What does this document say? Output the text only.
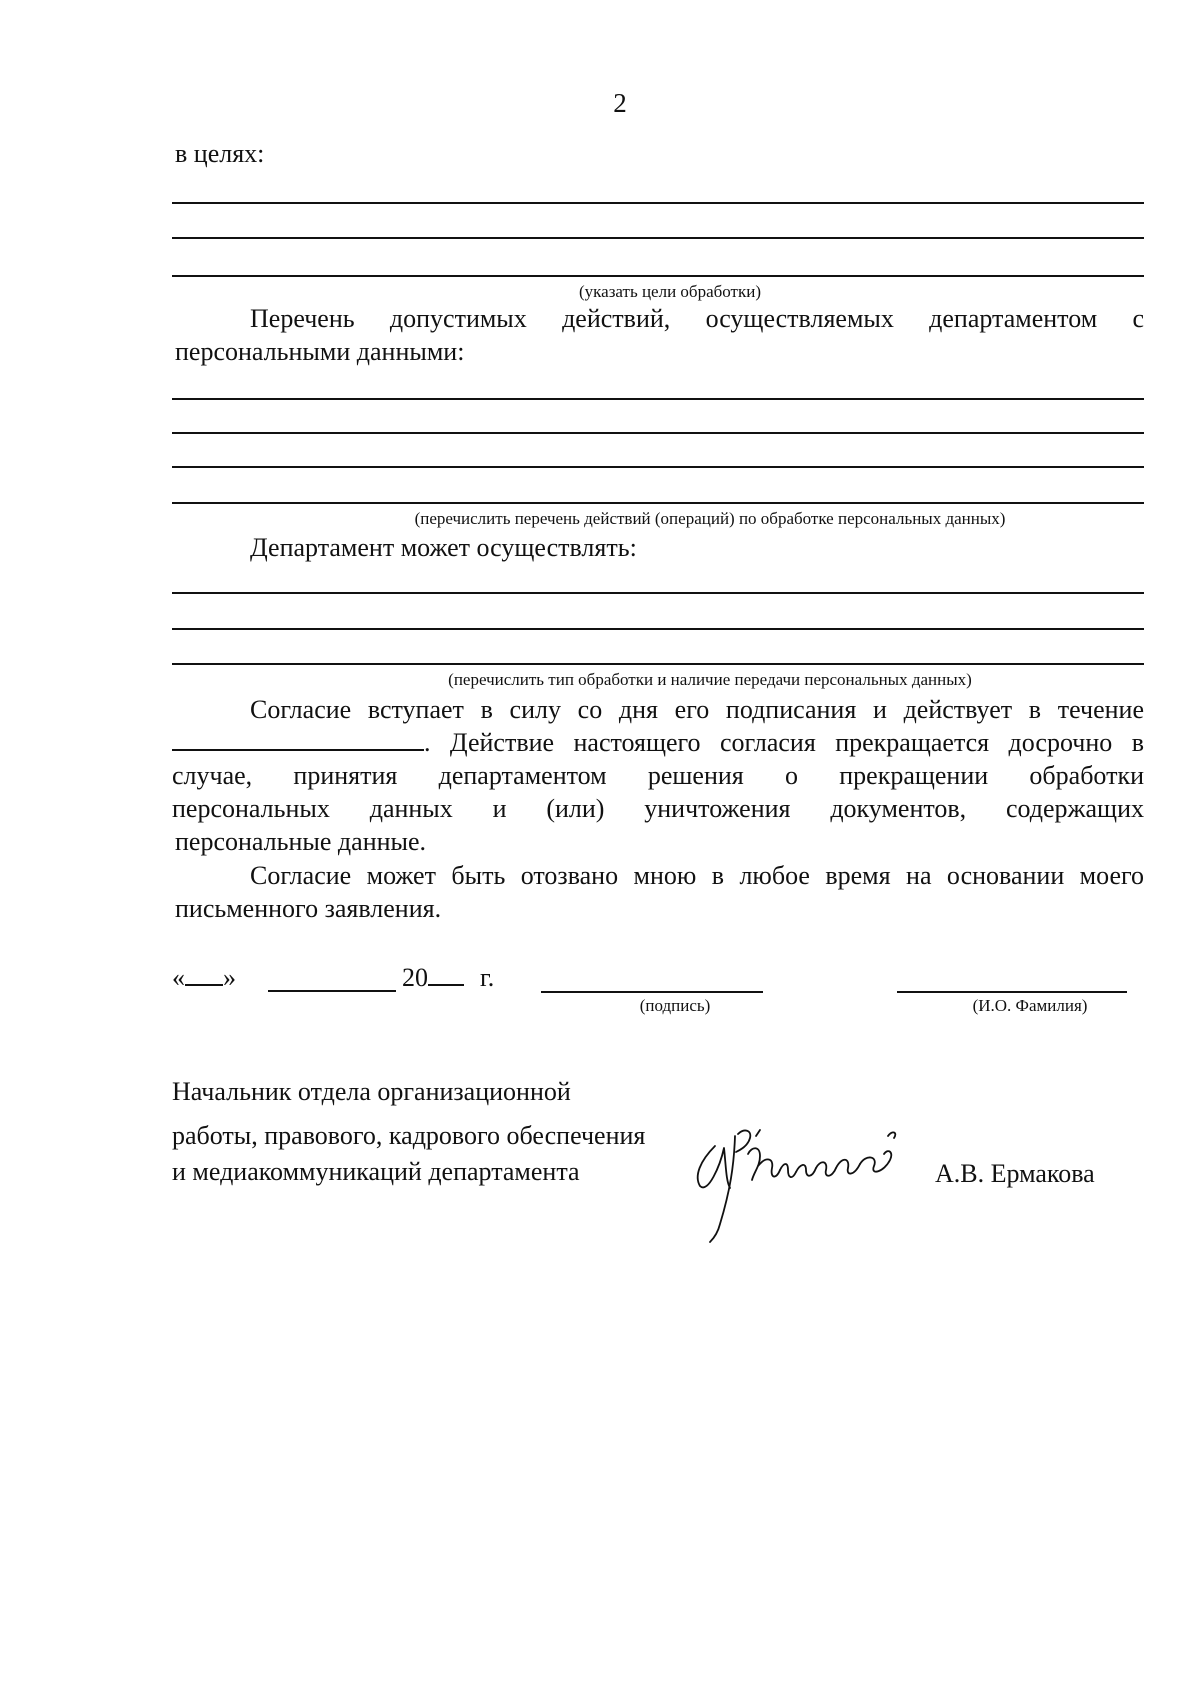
2
в целях:
(указать цели обработки)
Перечень допустимых действий, осуществляемых департаментом с
персональными данными:
(перечислить перечень действий (операций) по обработке персональных данных)
Департамент может осуществлять:
(перечислить тип обработки и наличие передачи персональных данных)
Согласие вступает в силу со дня его подписания и действует в течение
. Действие настоящего согласия прекращается досрочно в
случае, принятия департаментом решения о прекращении обработки
персональных данных и (или) уничтожения документов, содержащих
персональные данные.
Согласие может быть отозвано мною в любое время на основании моего
письменного заявления.
« »	20	г.
(подпись)	(И.О. Фамилия)
Начальник отдела организационной
работы, правового, кадрового обеспечения
и медиакоммуникаций департамента	А.В. Ермакова
